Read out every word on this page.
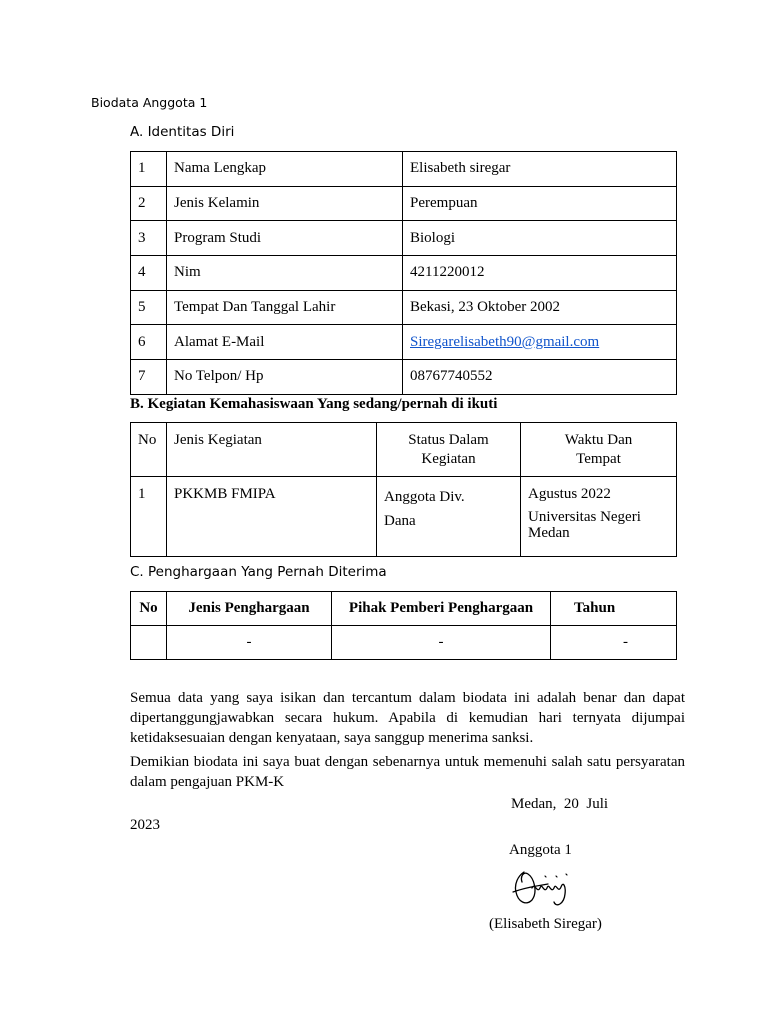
Biodata Anggota 1
A. Identitas Diri
1	Nama Lengkap	Elisabeth siregar
2	Jenis Kelamin	Perempuan
3	Program Studi	Biologi
4	Nim	4211220012
5	Tempat Dan Tanggal Lahir	Bekasi, 23 Oktober 2002
6	Alamat E-Mail	Siregarelisabeth90@gmail.com
7	No Telpon/ Hp	08767740552
B. Kegiatan Kemahasiswaan Yang sedang/pernah di ikuti
No	Jenis Kegiatan	Status Dalam Kegiatan	Waktu Dan Tempat
1	PKKMB FMIPA	Anggota Div. Dana	Agustus 2022
Universitas Negeri Medan
C. Penghargaan Yang Pernah Diterima
No	Jenis Penghargaan	Pihak Pemberi Penghargaan	Tahun
	-	-	-
Semua data yang saya isikan dan tercantum dalam biodata ini adalah benar dan dapat dipertanggungjawabkan secara hukum. Apabila di kemudian hari ternyata dijumpai ketidaksesuaian dengan kenyataan, saya sanggup menerima sanksi.
Demikian biodata ini saya buat dengan sebenarnya untuk memenuhi salah satu persyaratan dalam pengajuan PKM-K
Medan,  20  Juli
2023
Anggota 1
(Elisabeth Siregar)
